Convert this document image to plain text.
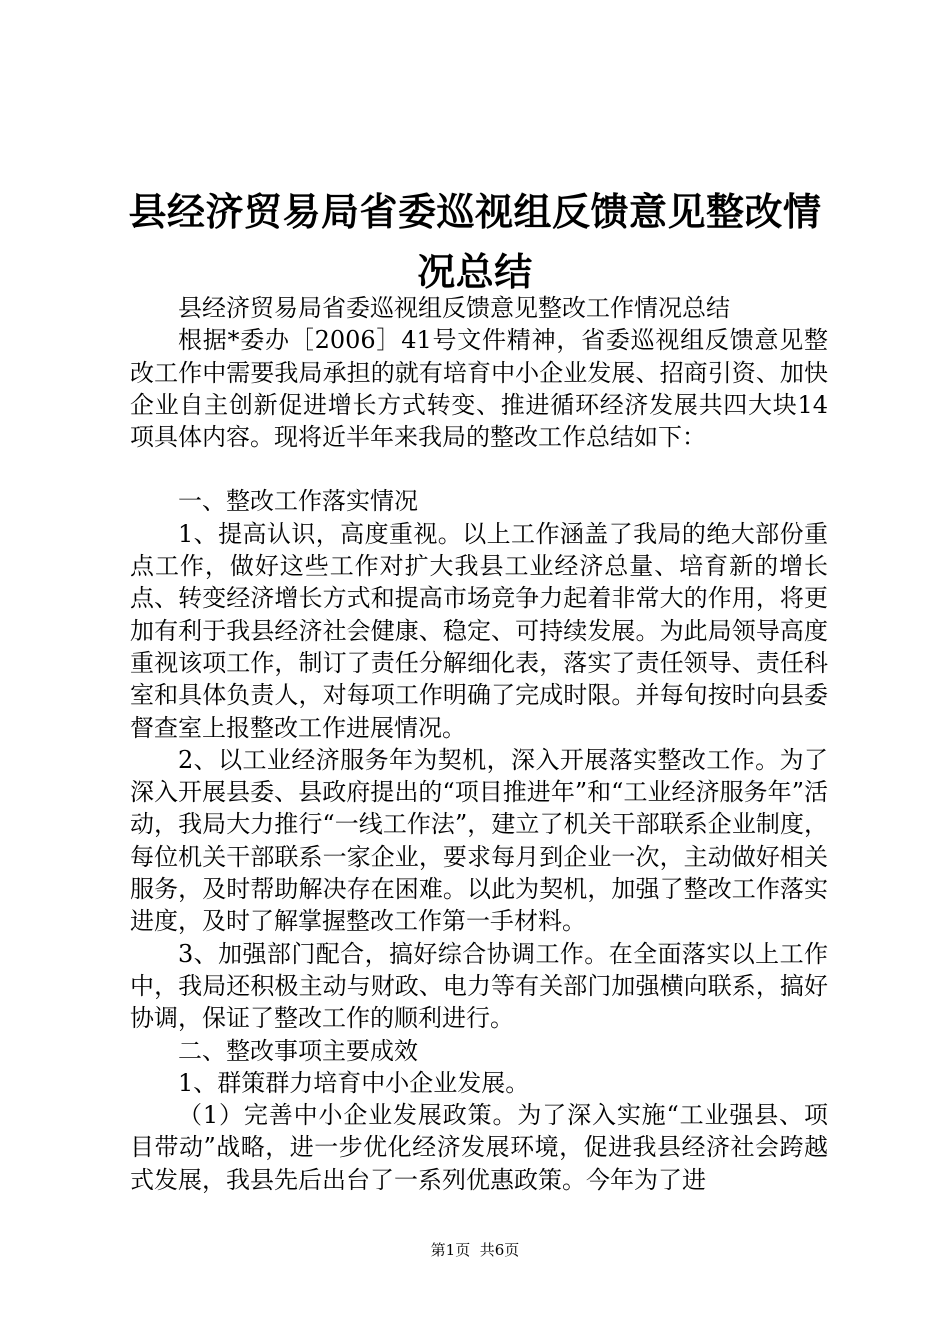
县经济贸易局省委巡视组反馈意见整改情况总结

县经济贸易局省委巡视组反馈意见整改工作情况总结

根据*委办［2006］41号文件精神，省委巡视组反馈意见整改工作中需要我局承担的就有培育中小企业发展、招商引资、加快企业自主创新促进增长方式转变、推进循环经济发展共四大块14项具体内容。现将近半年来我局的整改工作总结如下：

一、整改工作落实情况

1、提高认识，高度重视。以上工作涵盖了我局的绝大部份重点工作，做好这些工作对扩大我县工业经济总量、培育新的增长点、转变经济增长方式和提高市场竞争力起着非常大的作用，将更加有利于我县经济社会健康、稳定、可持续发展。为此局领导高度重视该项工作，制订了责任分解细化表，落实了责任领导、责任科室和具体负责人，对每项工作明确了完成时限。并每旬按时向县委督查室上报整改工作进展情况。

2、以工业经济服务年为契机，深入开展落实整改工作。为了深入开展县委、县政府提出的“项目推进年”和“工业经济服务年”活动，我局大力推行“一线工作法”，建立了机关干部联系企业制度，每位机关干部联系一家企业，要求每月到企业一次，主动做好相关服务，及时帮助解决存在困难。以此为契机，加强了整改工作落实进度，及时了解掌握整改工作第一手材料。

3、加强部门配合，搞好综合协调工作。在全面落实以上工作中，我局还积极主动与财政、电力等有关部门加强横向联系，搞好协调，保证了整改工作的顺利进行。

二、整改事项主要成效

1、群策群力培育中小企业发展。

（1）完善中小企业发展政策。为了深入实施“工业强县、项目带动”战略，进一步优化经济发展环境，促进我县经济社会跨越式发展，我县先后出台了一系列优惠政策。今年为了进

第1页 共6页
